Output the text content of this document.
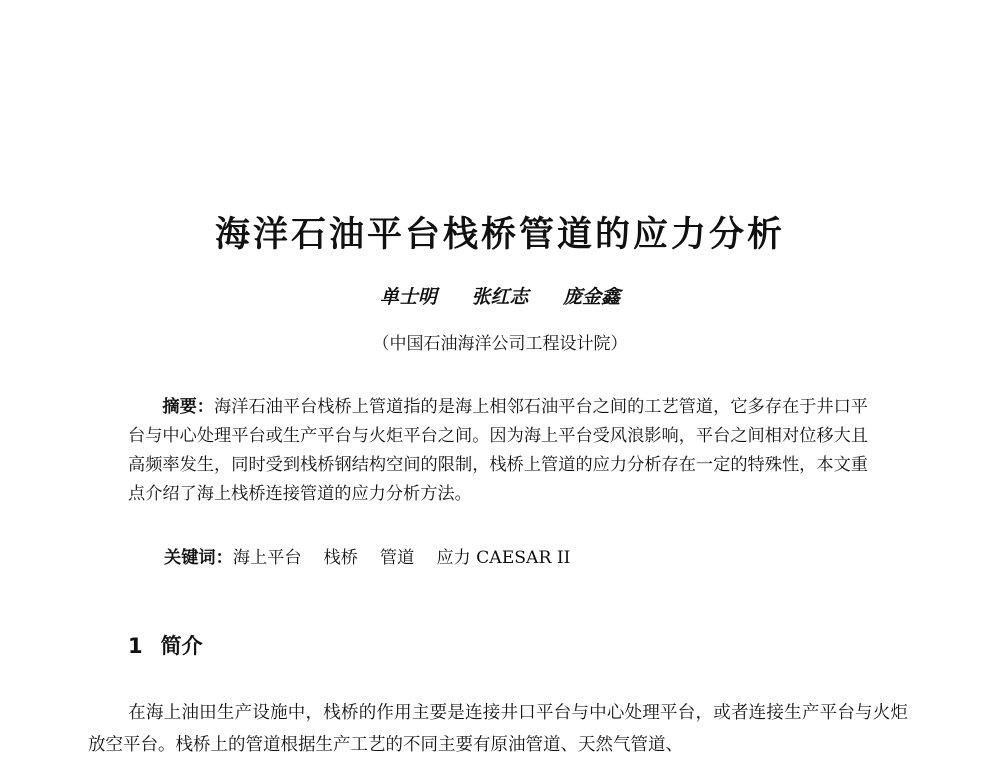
海洋石油平台栈桥管道的应力分析
单士明 张红志 庞金鑫
（中国石油海洋公司工程设计院）

摘要：海洋石油平台栈桥上管道指的是海上相邻石油平台之间的工艺管道，它多存在于井口平台与中心处理平台或生产平台与火炬平台之间。因为海上平台受风浪影响，平台之间相对位移大且高频率发生，同时受到栈桥钢结构空间的限制，栈桥上管道的应力分析存在一定的特殊性，本文重点介绍了海上栈桥连接管道的应力分析方法。

关键词：海上平台 栈桥 管道 应力 CAESAR II
1 简介

在海上油田生产设施中，栈桥的作用主要是连接井口平台与中心处理平台，或者连接生产平台与火炬放空平台。栈桥上的管道根据生产工艺的不同主要有原油管道、天然气管道、
